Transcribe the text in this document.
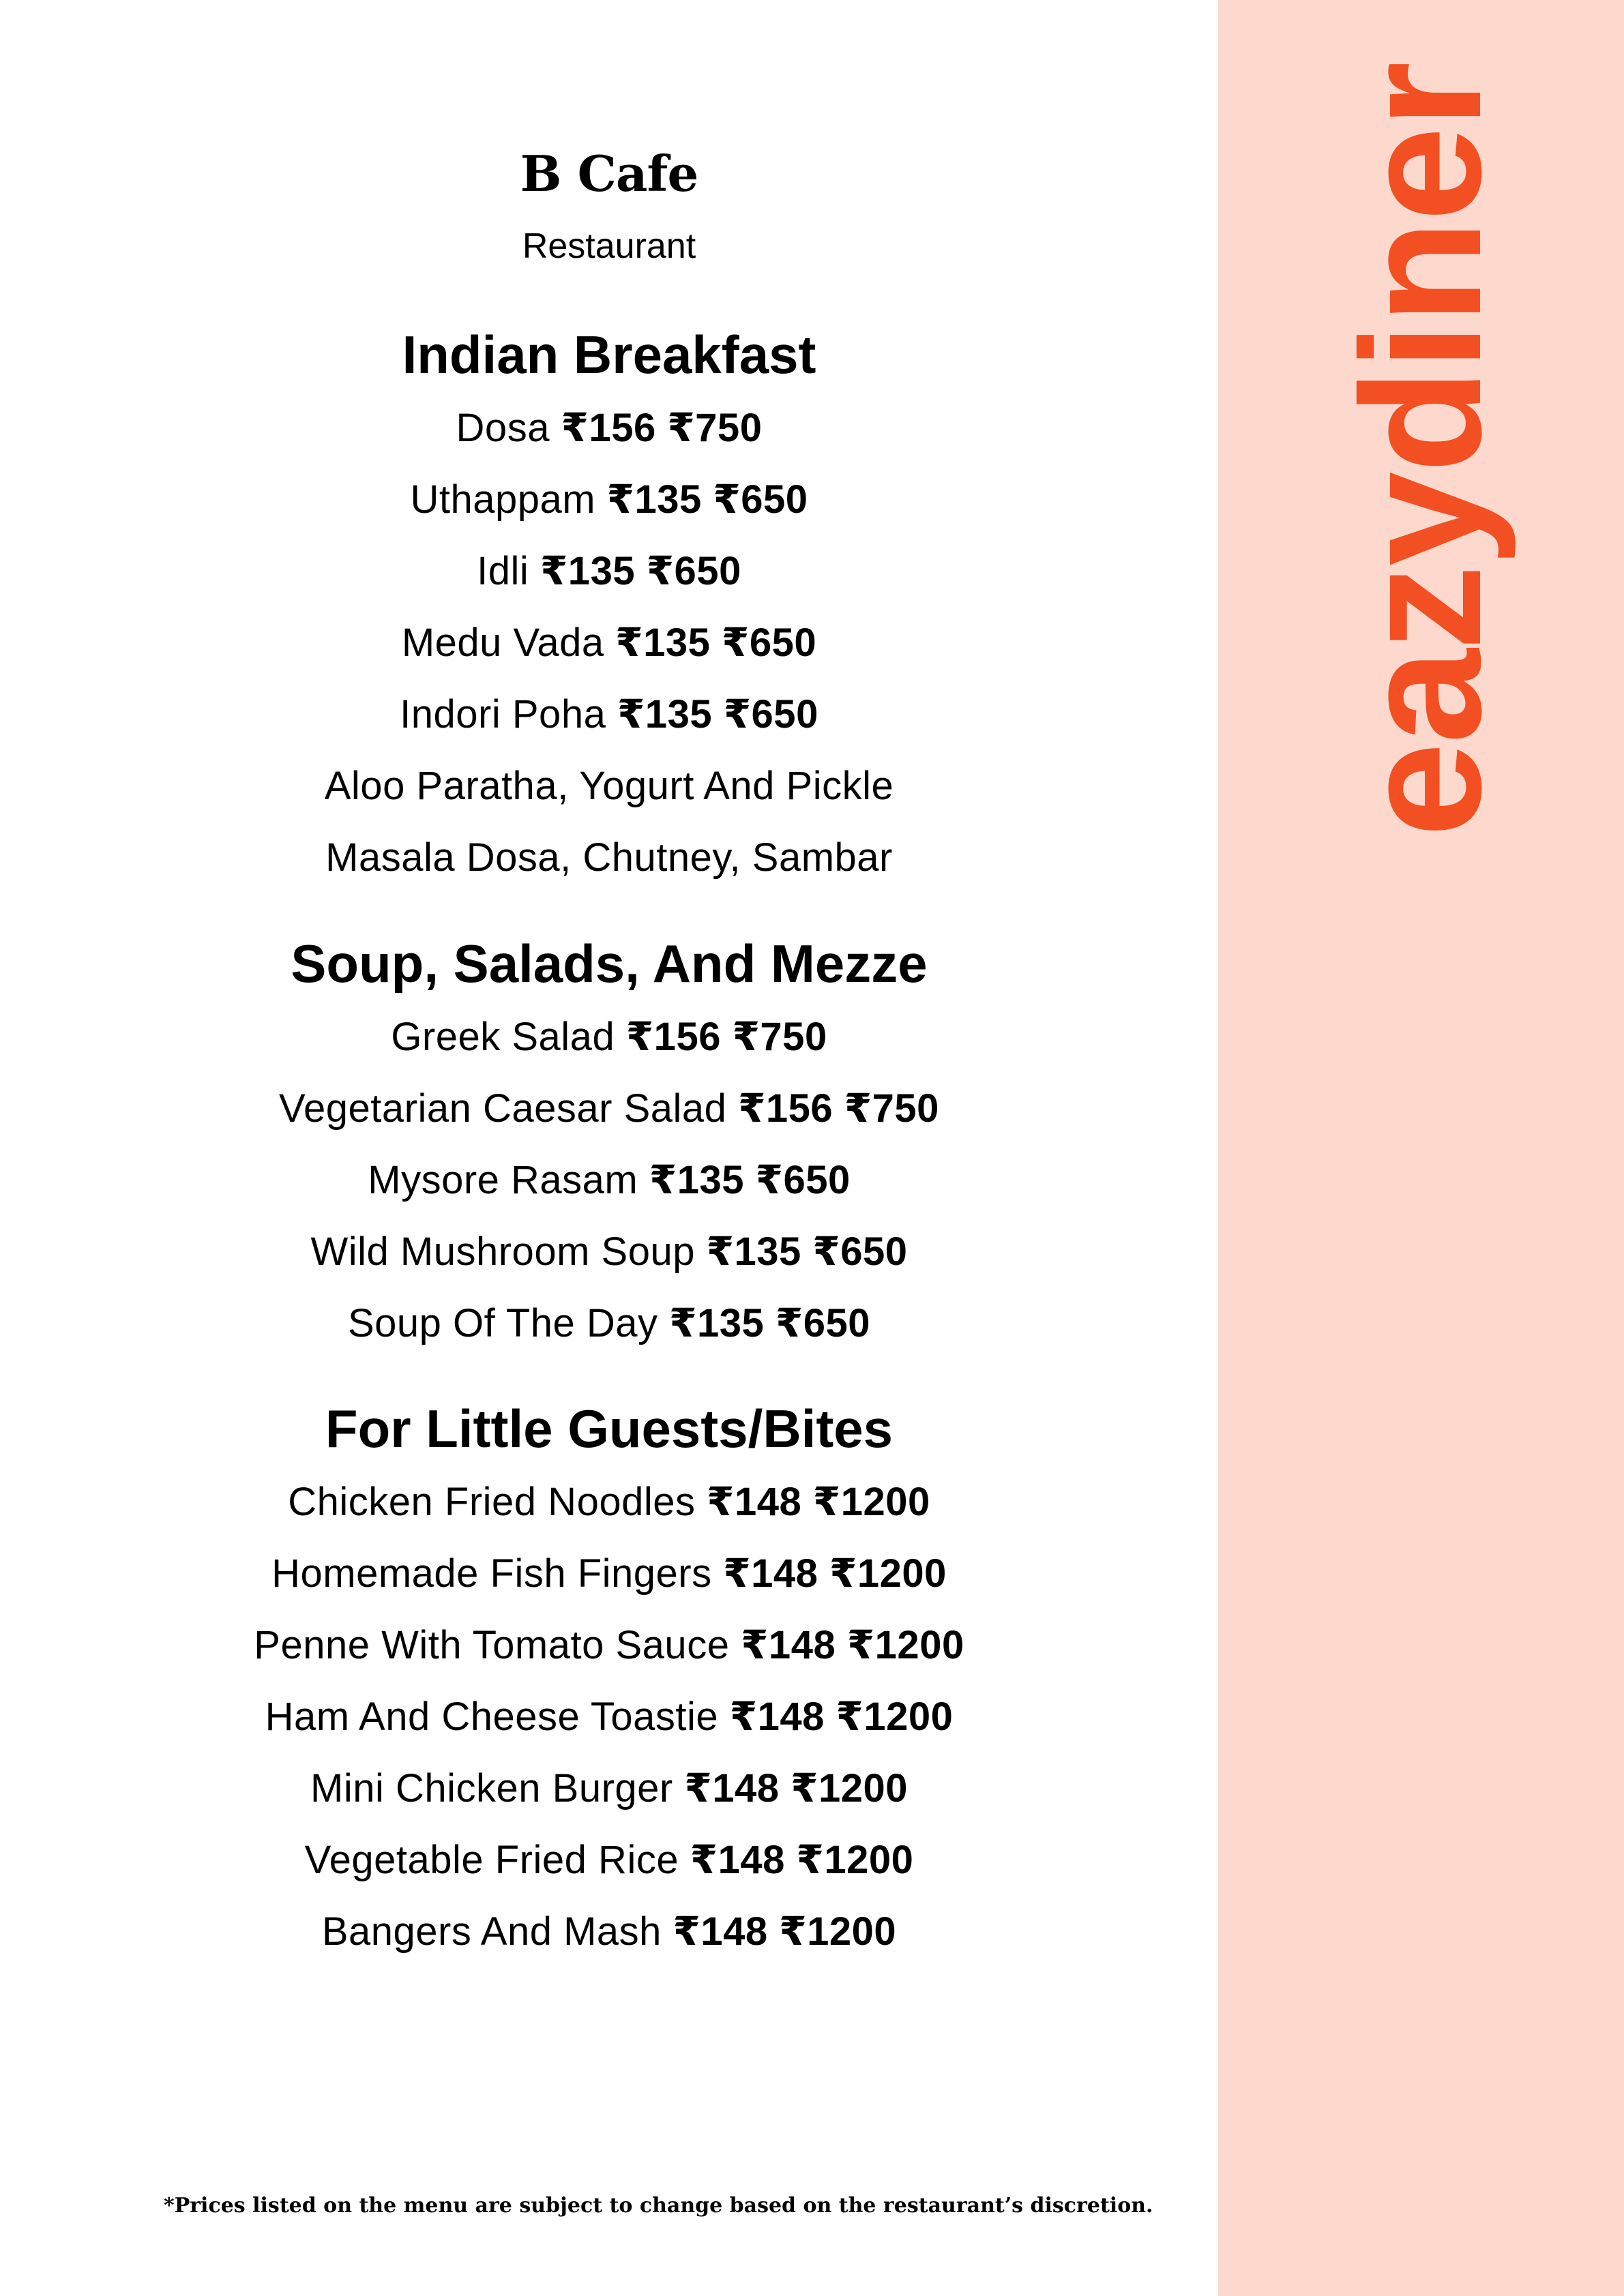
B Cafe
Restaurant
Indian Breakfast
Dosa ₹156 ₹750
Uthappam ₹135 ₹650
Idli ₹135 ₹650
Medu Vada ₹135 ₹650
Indori Poha ₹135 ₹650
Aloo Paratha, Yogurt And Pickle
Masala Dosa, Chutney, Sambar
Soup, Salads, And Mezze
Greek Salad ₹156 ₹750
Vegetarian Caesar Salad ₹156 ₹750
Mysore Rasam ₹135 ₹650
Wild Mushroom Soup ₹135 ₹650
Soup Of The Day ₹135 ₹650
For Little Guests/Bites
Chicken Fried Noodles ₹148 ₹1200
Homemade Fish Fingers ₹148 ₹1200
Penne With Tomato Sauce ₹148 ₹1200
Ham And Cheese Toastie ₹148 ₹1200
Mini Chicken Burger ₹148 ₹1200
Vegetable Fried Rice ₹148 ₹1200
Bangers And Mash ₹148 ₹1200
*Prices listed on the menu are subject to change based on the restaurant’s discretion.
eazydiner
